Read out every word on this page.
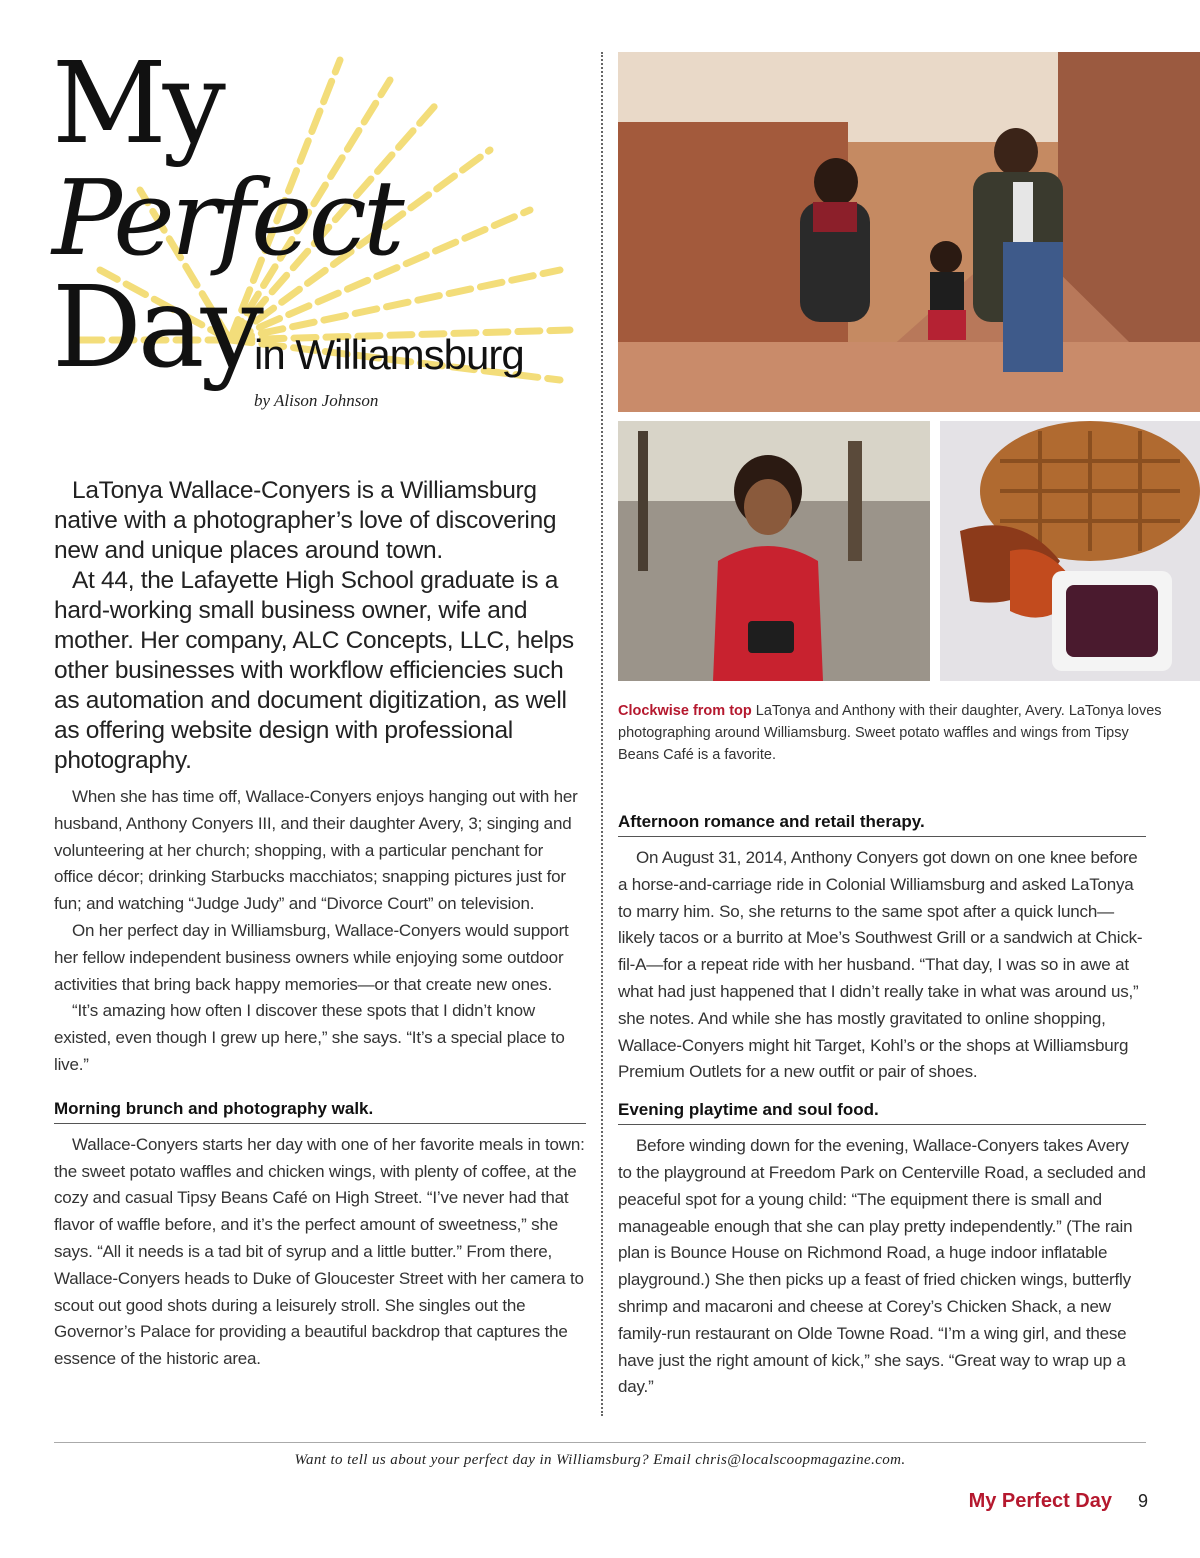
My
Perfect
Day
in Williamsburg
by Alison Johnson
Clockwise from top LaTonya and Anthony with their daughter, Avery. LaTonya loves photographing around Williamsburg. Sweet potato waffles and wings from Tipsy Beans Café is a favorite.

LaTonya Wallace-Conyers is a Williamsburg native with a photographer’s love of discovering new and unique places around town.

At 44, the Lafayette High School graduate is a hard-working small business owner, wife and mother. Her company, ALC Concepts, LLC, helps other businesses with workflow efficiencies such as automation and document digitization, as well as offering website design with professional photography.

When she has time off, Wallace-Conyers enjoys hanging out with her husband, Anthony Conyers III, and their daughter Avery, 3; singing and volunteering at her church; shopping, with a particular penchant for office décor; drinking Starbucks macchiatos; snapping pictures just for fun; and watching “Judge Judy” and “Divorce Court” on television.

On her perfect day in Williamsburg, Wallace-Conyers would support her fellow independent business owners while enjoying some outdoor activities that bring back happy memories—or that create new ones.

“It’s amazing how often I discover these spots that I didn’t know existed, even though I grew up here,” she says. “It’s a special place to live.”

Morning brunch and photography walk.

Wallace-Conyers starts her day with one of her favorite meals in town: the sweet potato waffles and chicken wings, with plenty of coffee, at the cozy and casual Tipsy Beans Café on High Street. “I’ve never had that flavor of waffle before, and it’s the perfect amount of sweetness,” she says. “All it needs is a tad bit of syrup and a little butter.” From there, Wallace-Conyers heads to Duke of Gloucester Street with her camera to scout out good shots during a leisurely stroll. She singles out the Governor’s Palace for providing a beautiful backdrop that captures the essence of the historic area.

Afternoon romance and retail therapy.

On August 31, 2014, Anthony Conyers got down on one knee before a horse-and-carriage ride in Colonial Williamsburg and asked LaTonya to marry him. So, she returns to the same spot after a quick lunch—likely tacos or a burrito at Moe’s Southwest Grill or a sandwich at Chick-fil-A—for a repeat ride with her husband. “That day, I was so in awe at what had just happened that I didn’t really take in what was around us,” she notes. And while she has mostly gravitated to online shopping, Wallace-Conyers might hit Target, Kohl’s or the shops at Williamsburg Premium Outlets for a new outfit or pair of shoes.

Evening playtime and soul food.

Before winding down for the evening, Wallace-Conyers takes Avery to the playground at Freedom Park on Centerville Road, a secluded and peaceful spot for a young child: “The equipment there is small and manageable enough that she can play pretty independently.” (The rain plan is Bounce House on Richmond Road, a huge indoor inflatable playground.) She then picks up a feast of fried chicken wings, butterfly shrimp and macaroni and cheese at Corey’s Chicken Shack, a new family-run restaurant on Olde Towne Road. “I’m a wing girl, and these have just the right amount of kick,” she says. “Great way to wrap up a day.”

Want to tell us about your perfect day in Williamsburg? Email chris@localscoopmagazine.com.
My Perfect Day 9
